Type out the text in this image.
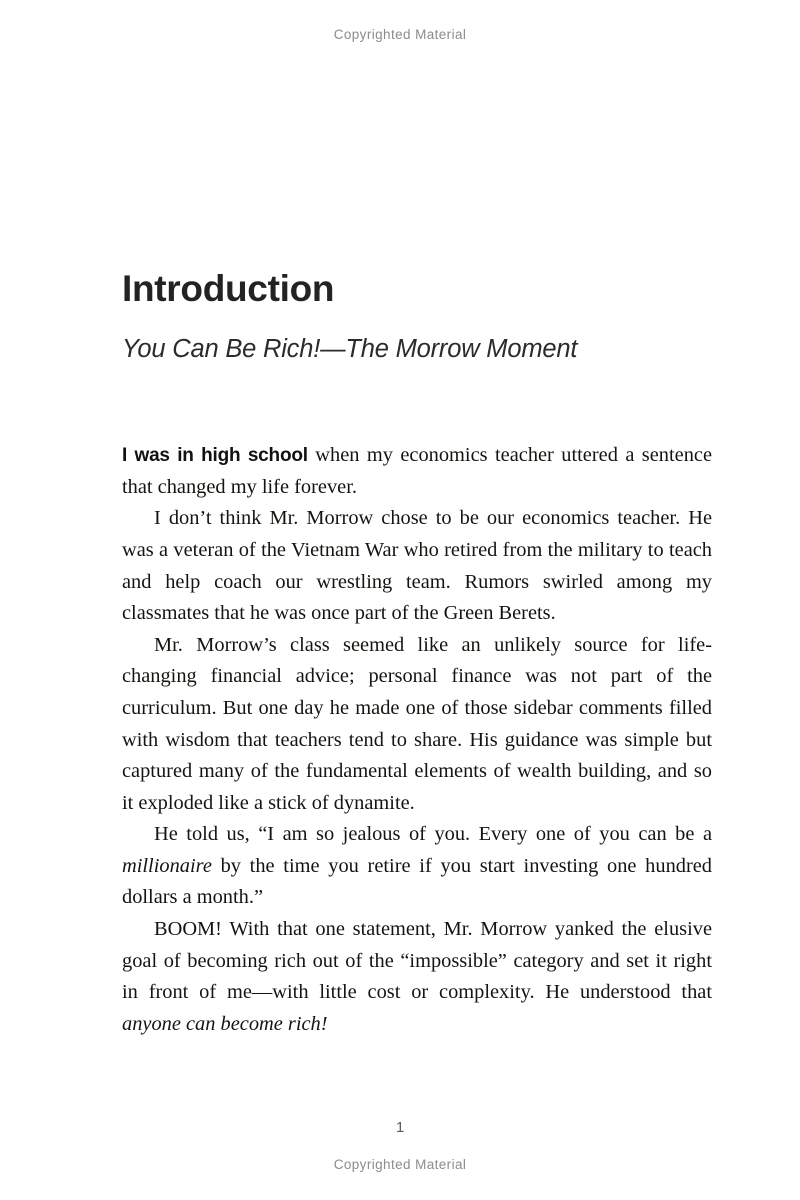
Copyrighted Material
Introduction
You Can Be Rich!—The Morrow Moment

I was in high school when my economics teacher uttered a sentence that changed my life forever.

I don’t think Mr. Morrow chose to be our economics teacher. He was a veteran of the Vietnam War who retired from the military to teach and help coach our wrestling team. Rumors swirled among my classmates that he was once part of the Green Berets.

Mr. Morrow’s class seemed like an unlikely source for life-changing financial advice; personal finance was not part of the curriculum. But one day he made one of those sidebar comments filled with wisdom that teachers tend to share. His guidance was simple but captured many of the fundamental elements of wealth building, and so it exploded like a stick of dynamite.

He told us, “I am so jealous of you. Every one of you can be a millionaire by the time you retire if you start investing one hundred dollars a month.”

BOOM! With that one statement, Mr. Morrow yanked the elusive goal of becoming rich out of the “impossible” category and set it right in front of me—with little cost or complexity. He understood that anyone can become rich!

1
Copyrighted Material
